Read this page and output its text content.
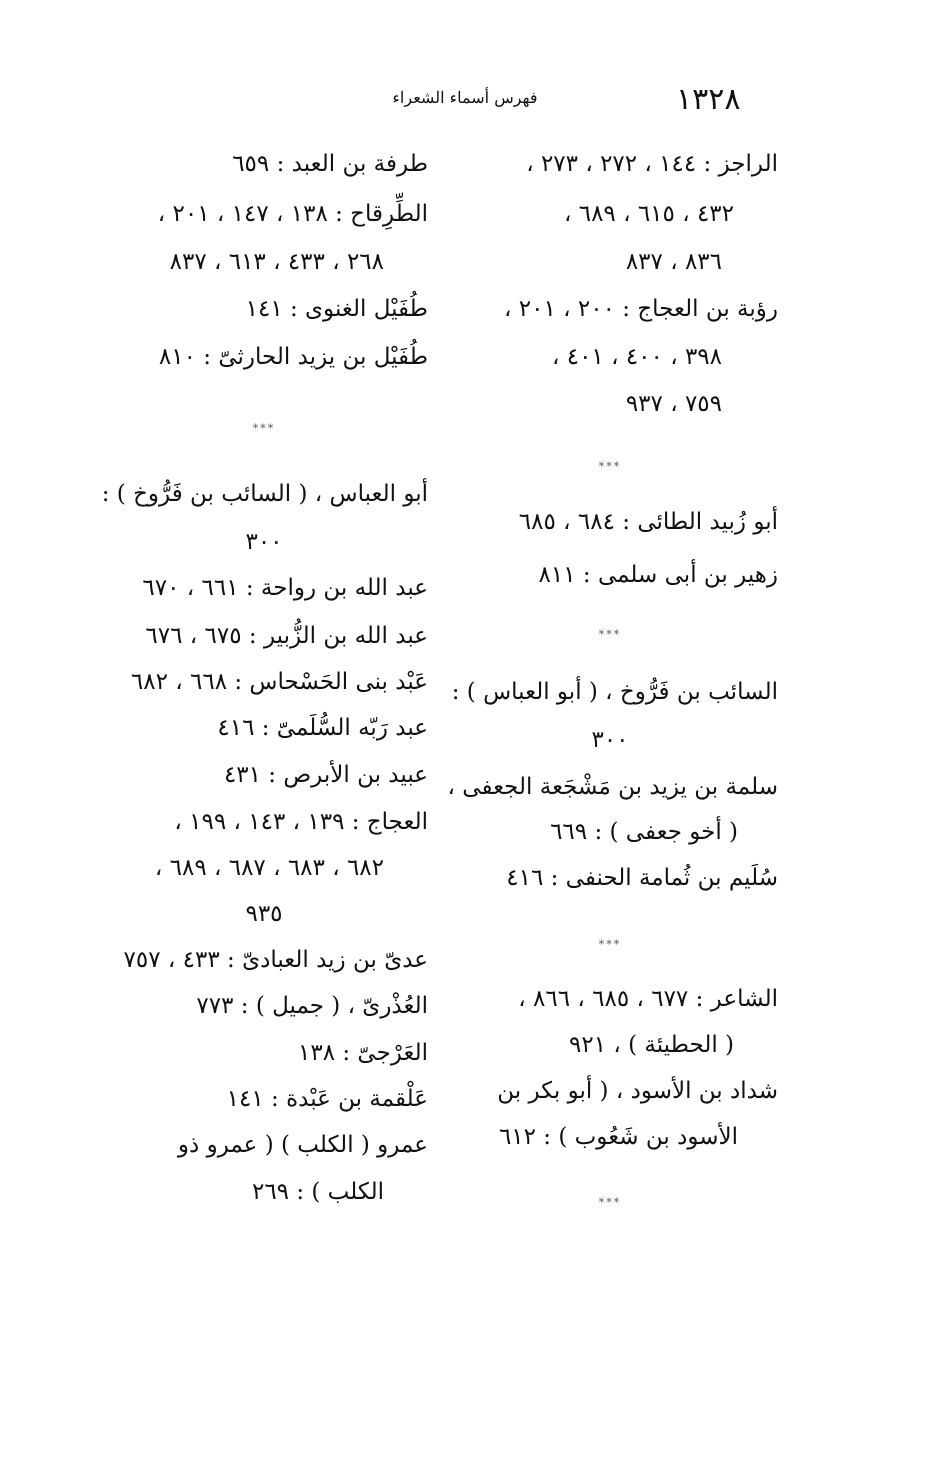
١٣٢٨
فهرس أسماء الشعراء
الراجز : ١٤٤ ، ٢٧٢ ، ٢٧٣ ،
٤٣٢ ، ٦١٥ ، ٦٨٩ ،
٨٣٦ ، ٨٣٧
رؤبة بن العجاج : ٢٠٠ ، ٢٠١ ،
٣٩٨ ، ٤٠٠ ، ٤٠١ ،
٧٥٩ ، ٩٣٧
***
أبو زُبيد الطائى : ٦٨٤ ، ٦٨٥
زهير بن أبى سلمى : ٨١١
***
السائب بن فَرُّوخ ، ( أبو العباس ) :
٣٠٠
سلمة بن يزيد بن مَشْجَعة الجعفى ،
( أخو جعفى ) : ٦٦٩
سُلَيم بن ثُمامة الحنفى : ٤١٦
***
الشاعر : ٦٧٧ ، ٦٨٥ ، ٨٦٦ ،
( الحطيئة ) ، ٩٢١
شداد بن الأسود ، ( أبو بكر بن
الأسود بن شَعُوب ) : ٦١٢
***
طرفة بن العبد : ٦٥٩
الطِّرِقاح : ١٣٨ ، ١٤٧ ، ٢٠١ ،
٢٦٨ ، ٤٣٣ ، ٦١٣ ، ٨٣٧
طُفَيْل الغنوى : ١٤١
طُفَيْل بن يزيد الحارثىّ : ٨١٠
***
أبو العباس ، ( السائب بن فَرُّوخ ) :
٣٠٠
عبد الله بن رواحة : ٦٦١ ، ٦٧٠
عبد الله بن الزُّبير : ٦٧٥ ، ٦٧٦
عَبْد بنى الحَسْحاس : ٦٦٨ ، ٦٨٢
عبد رَبّه السُّلَمىّ : ٤١٦
عبيد بن الأبرص : ٤٣١
العجاج : ١٣٩ ، ١٤٣ ، ١٩٩ ،
٦٨٢ ، ٦٨٣ ، ٦٨٧ ، ٦٨٩ ،
٩٣٥
عدىّ بن زيد العبادىّ : ٤٣٣ ، ٧٥٧
العُذْرىّ ، ( جميل ) : ٧٧٣
العَرْجىّ : ١٣٨
عَلْقمة بن عَبْدة : ١٤١
عمرو ( الكلب ) ( عمرو ذو
الكلب ) : ٢٦٩
